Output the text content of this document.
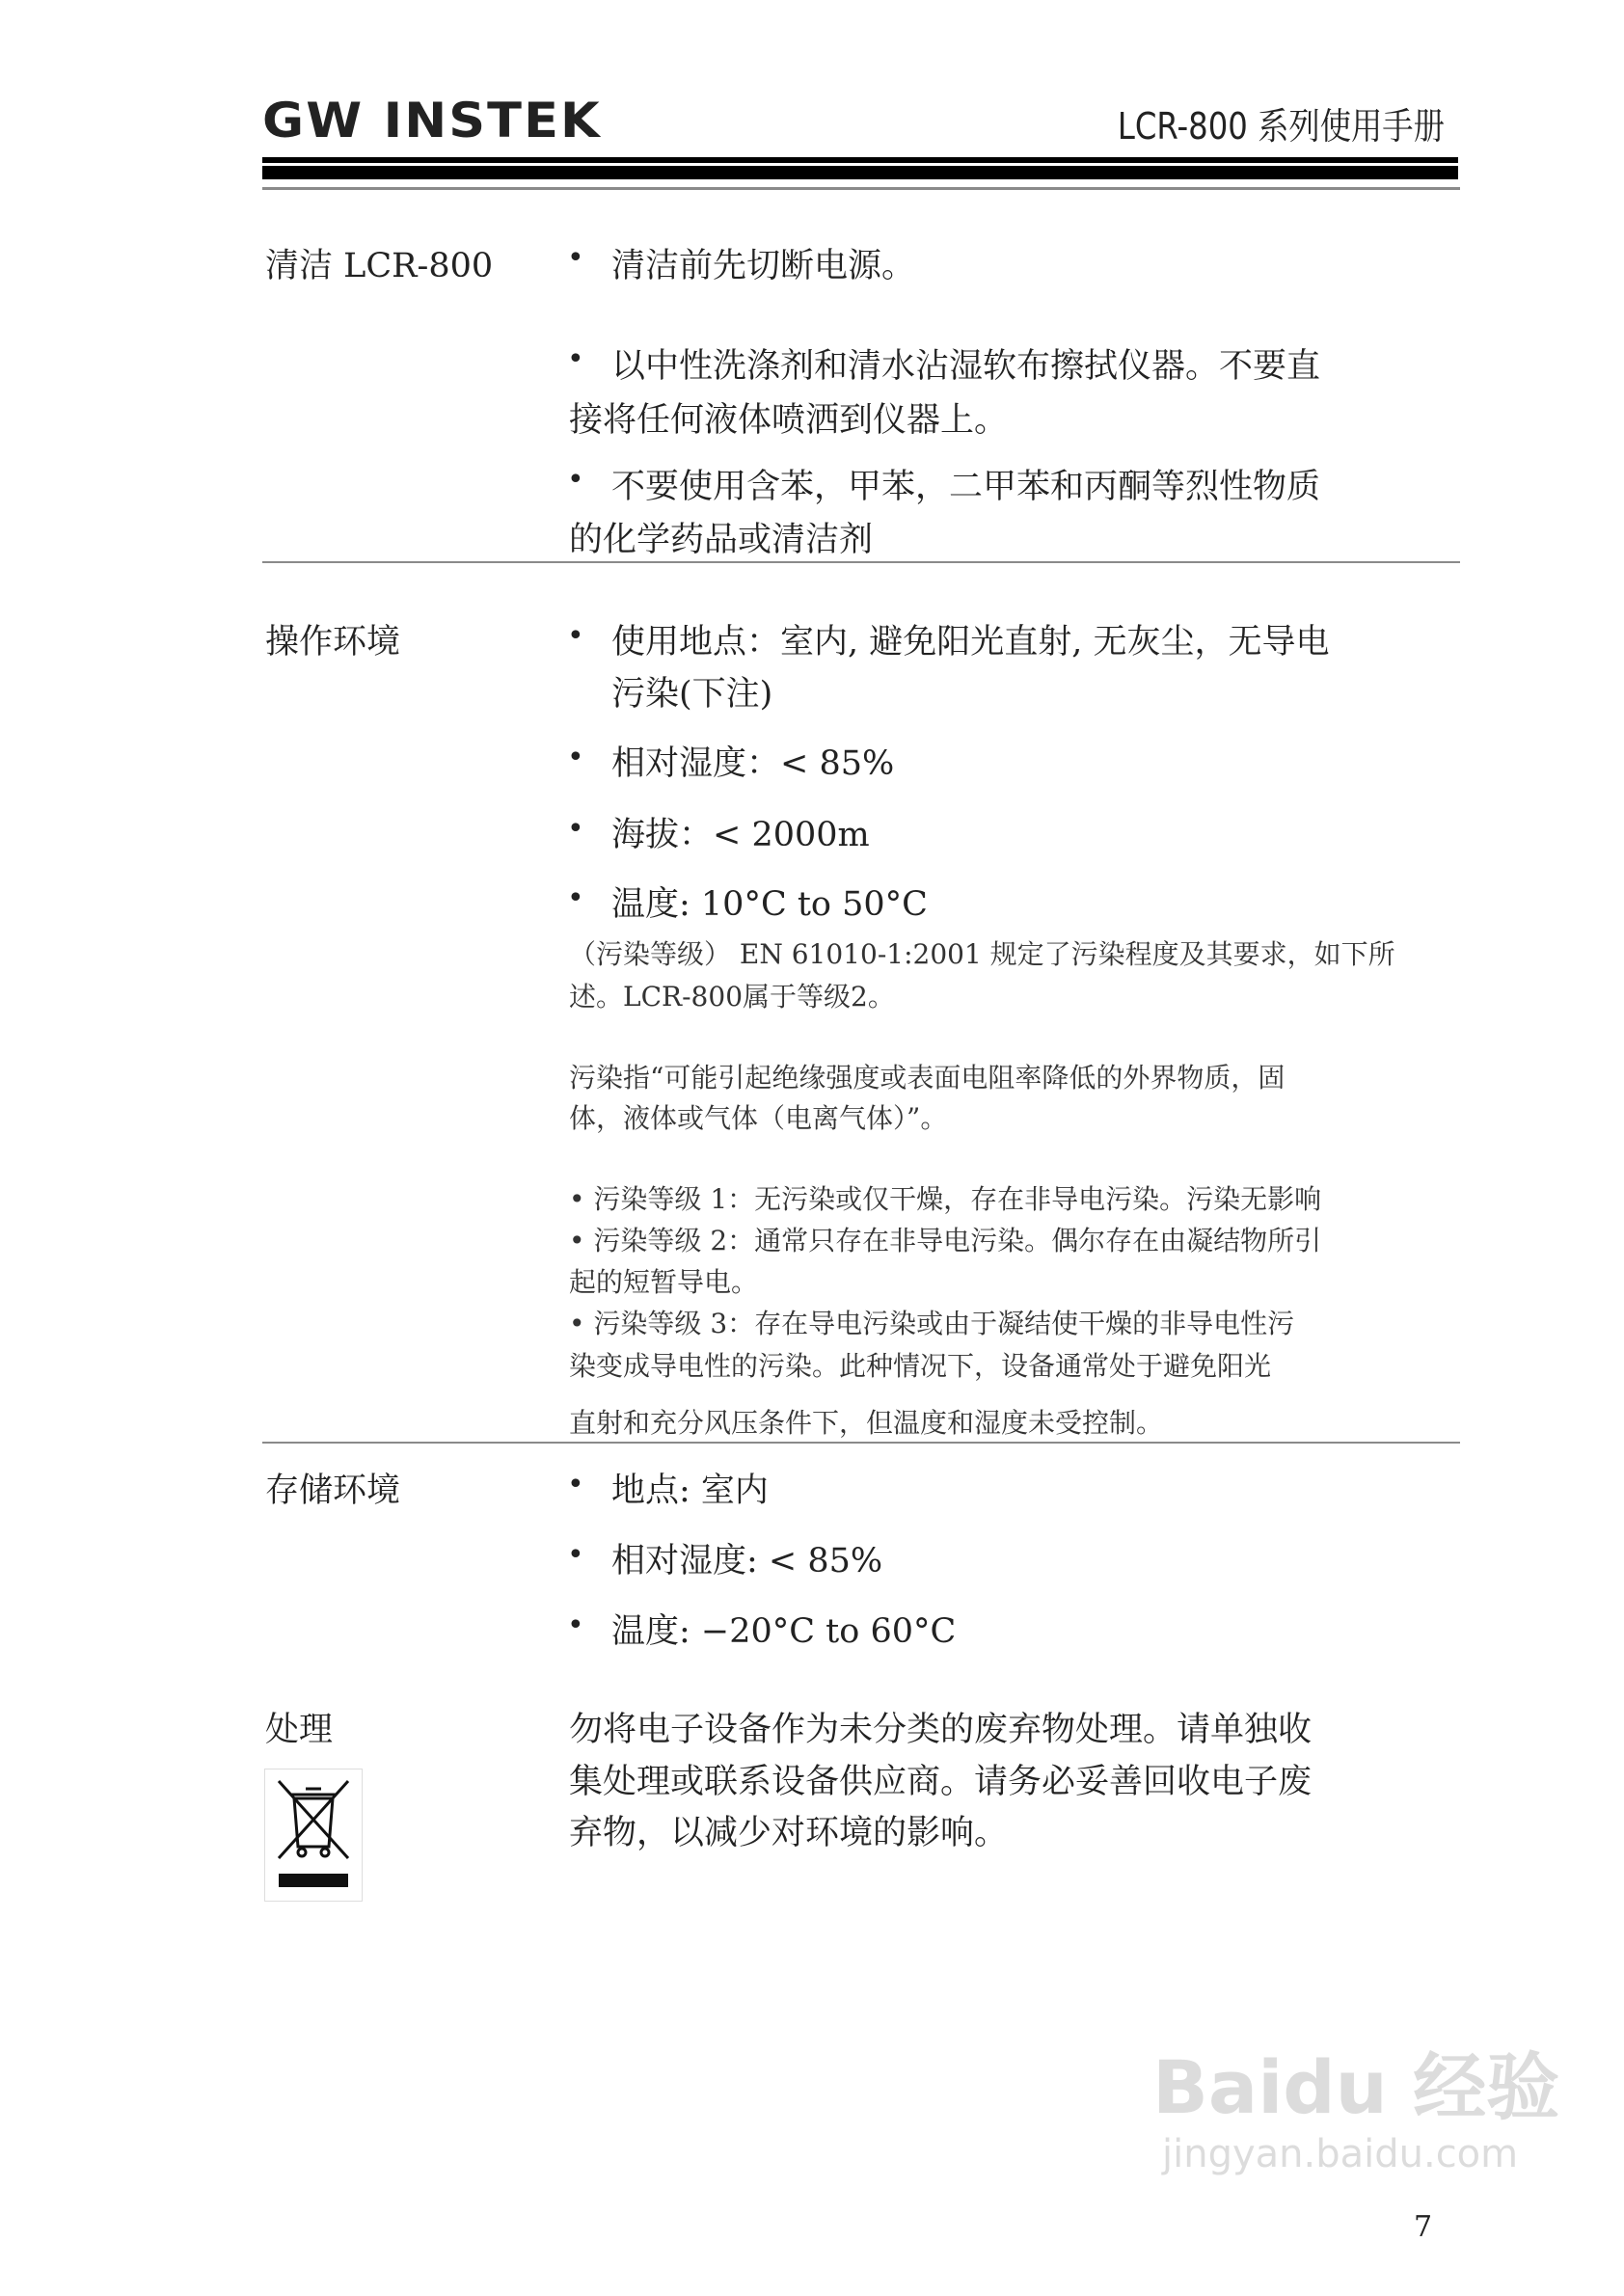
GW INSTEK	LCR-800 系列使用手册
清洁 LCR-800	• 清洁前先切断电源。
• 以中性洗涤剂和清水沾湿软布擦拭仪器。不要直
接将任何液体喷洒到仪器上。
• 不要使用含苯，甲苯，二甲苯和丙酮等烈性物质
的化学药品或清洁剂
操作环境	• 使用地点：室内, 避免阳光直射, 无灰尘，无导电
污染(下注)
• 相对湿度：< 85%
• 海拔：< 2000m
• 温度: 10°C to 50°C
（污染等级） EN 61010-1:2001 规定了污染程度及其要求，如下所
述。LCR-800属于等级2。
污染指“可能引起绝缘强度或表面电阻率降低的外界物质，固
体，液体或气体（电离气体）”。
• 污染等级 1：无污染或仅干燥，存在非导电污染。污染无影响
• 污染等级 2：通常只存在非导电污染。偶尔存在由凝结物所引
起的短暂导电。
• 污染等级 3：存在导电污染或由于凝结使干燥的非导电性污
染变成导电性的污染。此种情况下，设备通常处于避免阳光
直射和充分风压条件下，但温度和湿度未受控制。
存储环境	• 地点: 室内
• 相对湿度: < 85%
• 温度: −20°C to 60°C
处理	勿将电子设备作为未分类的废弃物处理。请单独收
集处理或联系设备供应商。请务必妥善回收电子废
弃物，以减少对环境的影响。
Baidu 经验
jingyan.baidu.com
7
